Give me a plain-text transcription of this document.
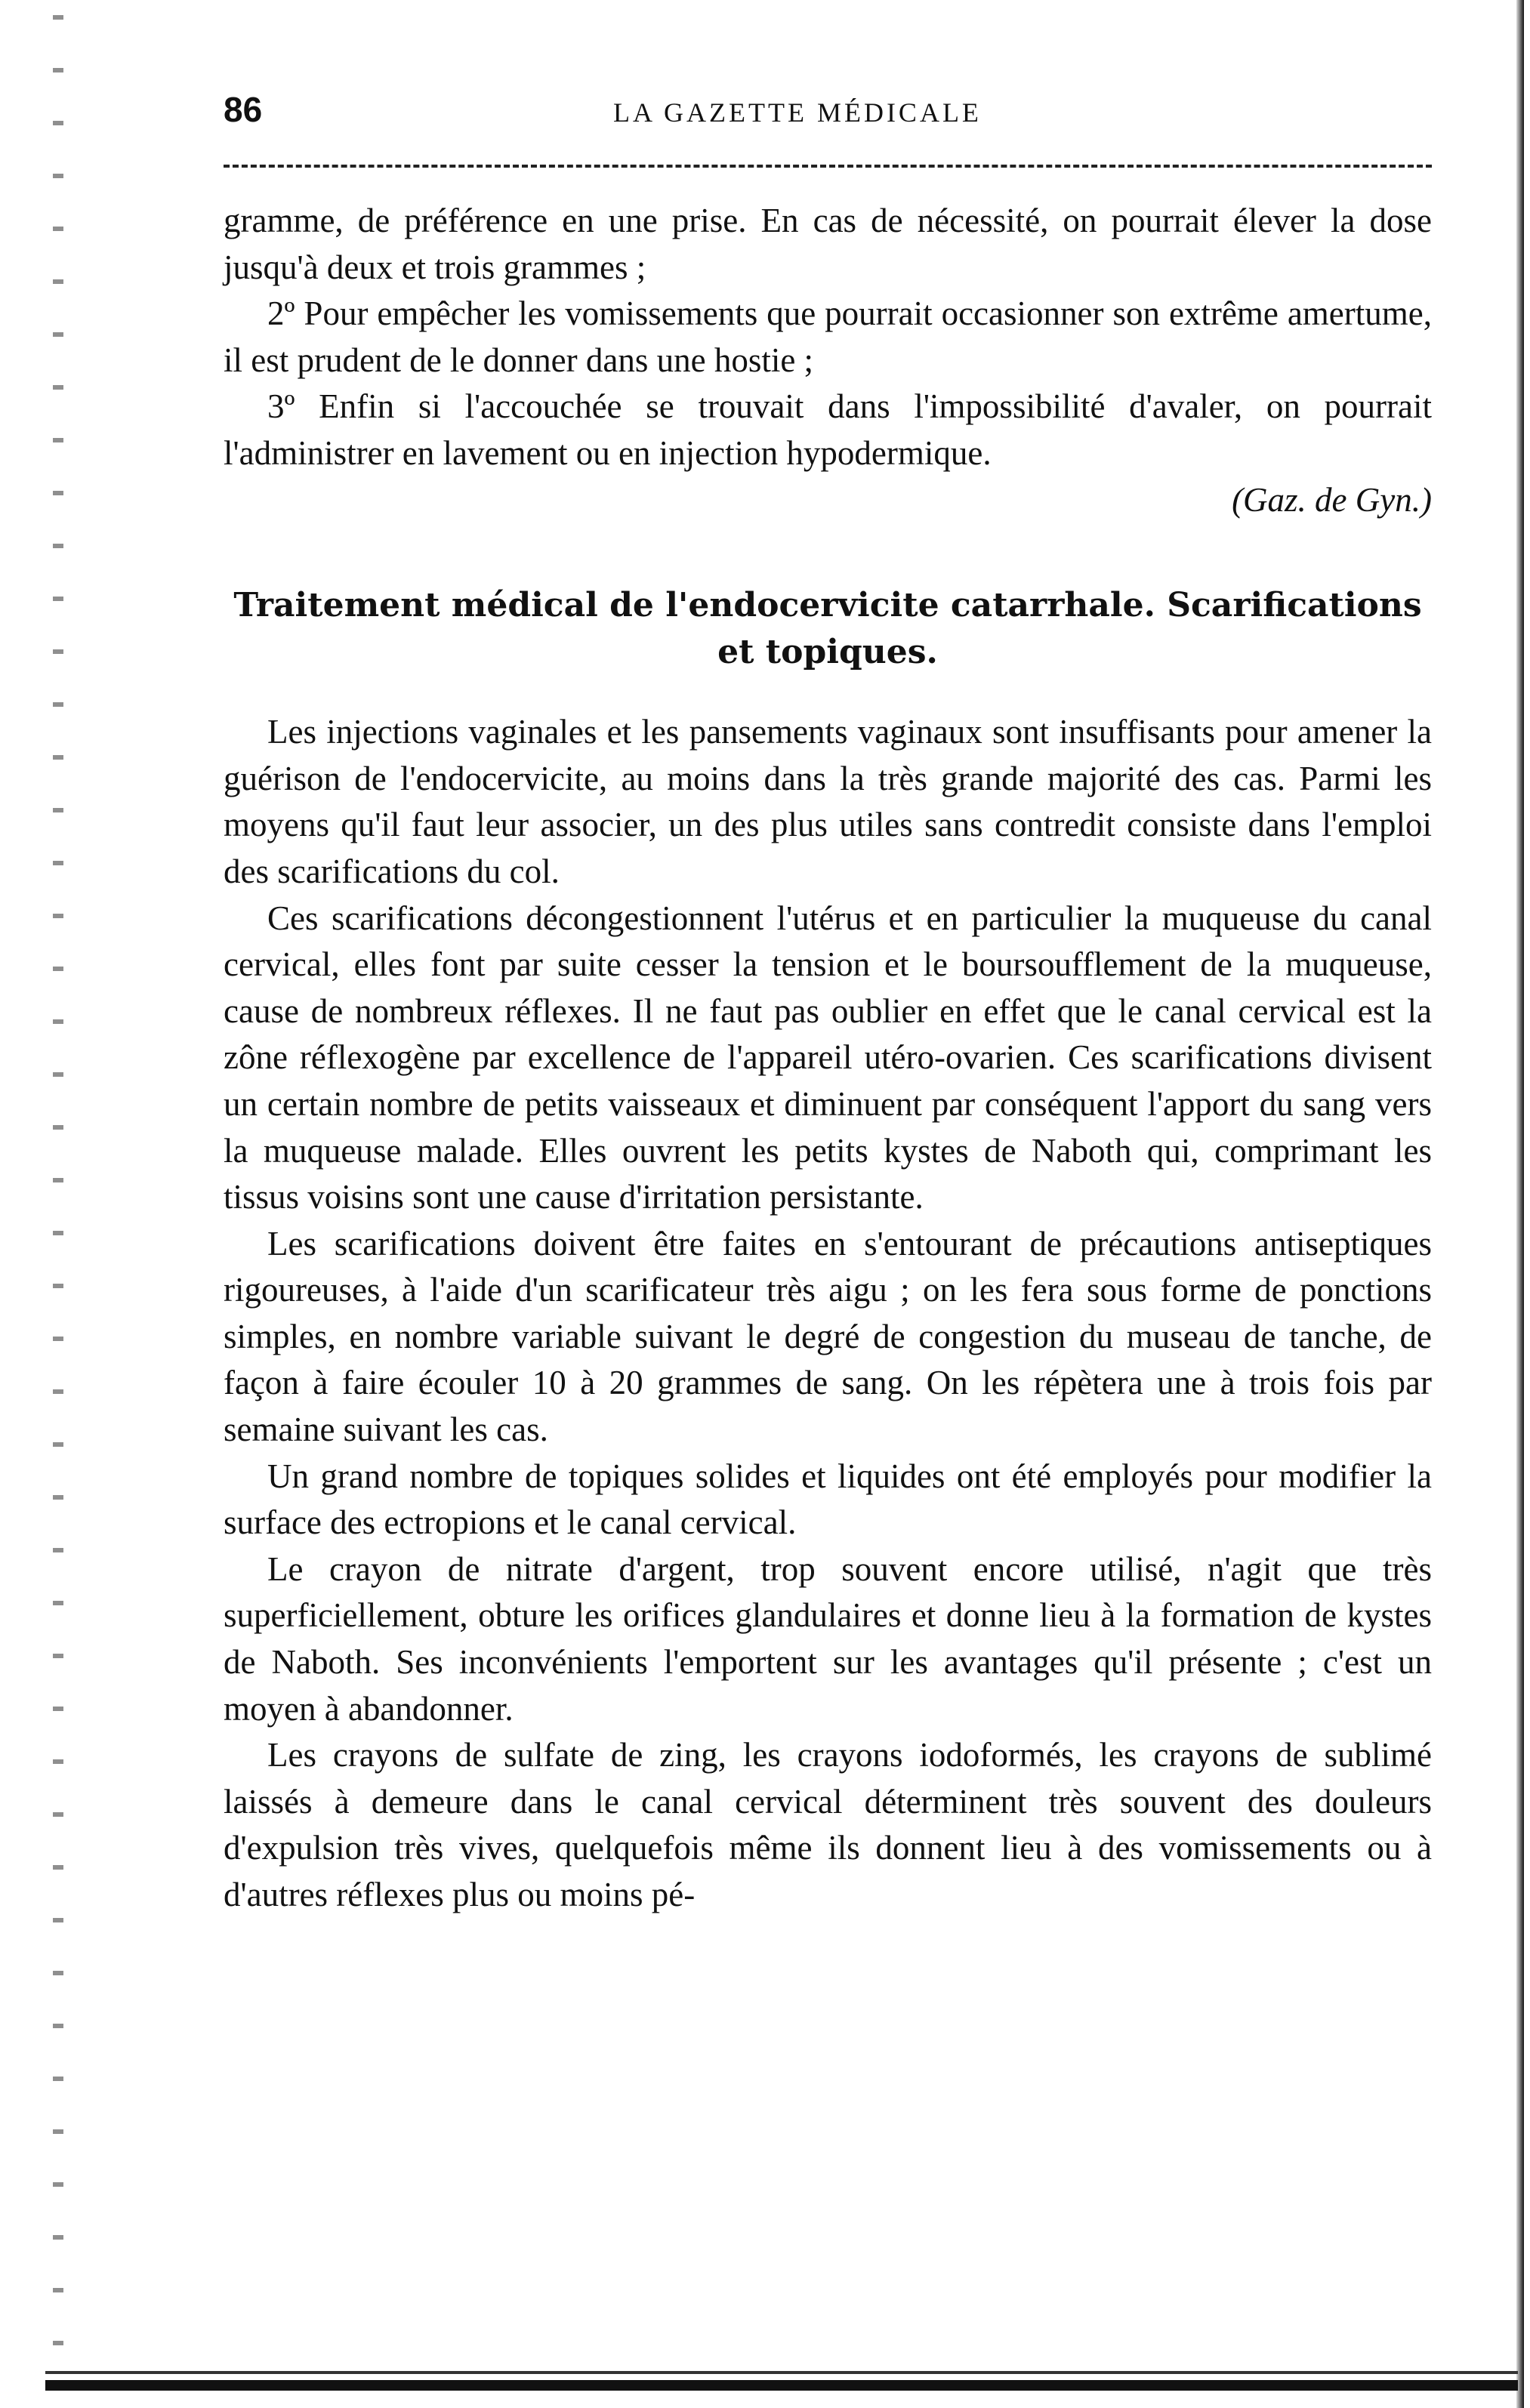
86	LA GAZETTE MÉDICALE

gramme, de préférence en une prise. En cas de nécessité, on pourrait élever la dose jusqu'à deux et trois grammes ;

2º Pour empêcher les vomissements que pourrait occasionner son extrême amertume, il est prudent de le donner dans une hostie ;

3º Enfin si l'accouchée se trouvait dans l'impossibilité d'avaler, on pourrait l'administrer en lavement ou en injection hypodermique.

(Gaz. de Gyn.)

Traitement médical de l'endocervicite catarrhale. Scarifications et topiques.

Les injections vaginales et les pansements vaginaux sont insuffisants pour amener la guérison de l'endocervicite, au moins dans la très grande majorité des cas. Parmi les moyens qu'il faut leur associer, un des plus utiles sans contredit consiste dans l'emploi des scarifications du col.

Ces scarifications décongestionnent l'utérus et en particulier la muqueuse du canal cervical, elles font par suite cesser la tension et le boursoufflement de la muqueuse, cause de nombreux réflexes. Il ne faut pas oublier en effet que le canal cervical est la zône réflexogène par excellence de l'appareil utéro-ovarien. Ces scarifications divisent un certain nombre de petits vaisseaux et diminuent par conséquent l'apport du sang vers la muqueuse malade. Elles ouvrent les petits kystes de Naboth qui, comprimant les tissus voisins sont une cause d'irritation persistante.

Les scarifications doivent être faites en s'entourant de précautions antiseptiques rigoureuses, à l'aide d'un scarificateur très aigu ; on les fera sous forme de ponctions simples, en nombre variable suivant le degré de congestion du museau de tanche, de façon à faire écouler 10 à 20 grammes de sang. On les répètera une à trois fois par semaine suivant les cas.

Un grand nombre de topiques solides et liquides ont été employés pour modifier la surface des ectropions et le canal cervical.

Le crayon de nitrate d'argent, trop souvent encore utilisé, n'agit que très superficiellement, obture les orifices glandulaires et donne lieu à la formation de kystes de Naboth. Ses inconvénients l'emportent sur les avantages qu'il présente ; c'est un moyen à abandonner.

Les crayons de sulfate de zing, les crayons iodoformés, les crayons de sublimé laissés à demeure dans le canal cervical déterminent très souvent des douleurs d'expulsion très vives, quelquefois même ils donnent lieu à des vomissements ou à d'autres réflexes plus ou moins pé-
